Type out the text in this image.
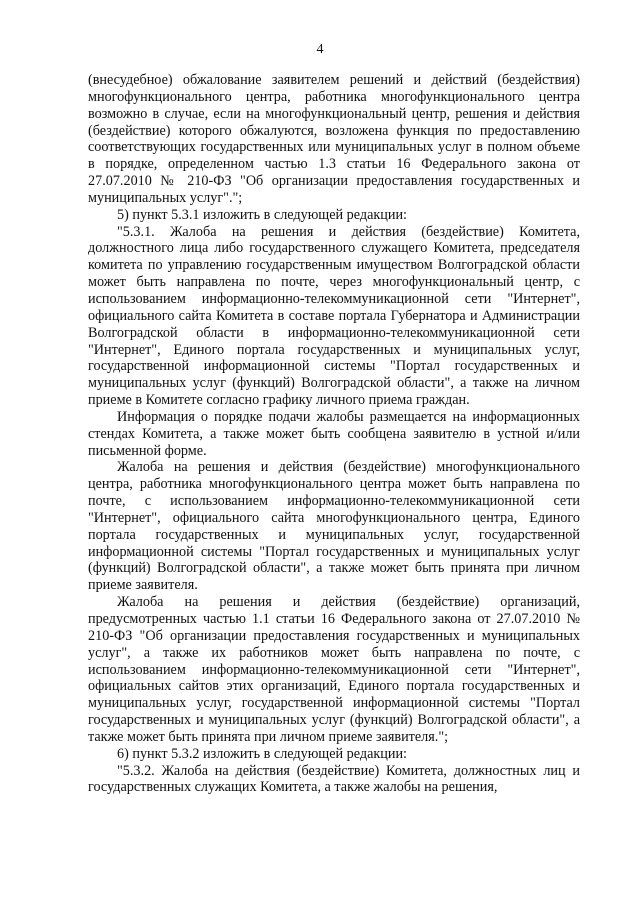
4

(внесудебное) обжалование заявителем решений и действий (бездействия) многофункционального центра, работника многофункционального центра возможно в случае, если на многофункциональный центр, решения и действия (бездействие) которого обжалуются, возложена функция по предоставлению соответствующих государственных или муниципальных услуг в полном объеме в порядке, определенном частью 1.3 статьи 16 Федерального закона от 27.07.2010 № 210-ФЗ "Об организации предоставления государственных и муниципальных услуг".";

5) пункт 5.3.1 изложить в следующей редакции:

"5.3.1. Жалоба на решения и действия (бездействие) Комитета, должностного лица либо государственного служащего Комитета, председателя комитета по управлению государственным имуществом Волгоградской области может быть направлена по почте, через многофункциональный центр, с использованием информационно-телекоммуникационной сети "Интернет", официального сайта Комитета в составе портала Губернатора и Администрации Волгоградской области в информационно-телекоммуникационной сети "Интернет", Единого портала государственных и муниципальных услуг, государственной информационной системы "Портал государственных и муниципальных услуг (функций) Волгоградской области", а также на личном приеме в Комитете согласно графику личного приема граждан.

Информация о порядке подачи жалобы размещается на информационных стендах Комитета, а также может быть сообщена заявителю в устной и/или письменной форме.

Жалоба на решения и действия (бездействие) многофункционального центра, работника многофункционального центра может быть направлена по почте, с использованием информационно-телекоммуникационной сети "Интернет", официального сайта многофункционального центра, Единого портала государственных и муниципальных услуг, государственной информационной системы "Портал государственных и муниципальных услуг (функций) Волгоградской области", а также может быть принята при личном приеме заявителя.

Жалоба на решения и действия (бездействие) организаций, предусмотренных частью 1.1 статьи 16 Федерального закона от 27.07.2010 № 210-ФЗ "Об организации предоставления государственных и муниципальных услуг", а также их работников может быть направлена по почте, с использованием информационно-телекоммуникационной сети "Интернет", официальных сайтов этих организаций, Единого портала государственных и муниципальных услуг, государственной информационной системы "Портал государственных и муниципальных услуг (функций) Волгоградской области", а также может быть принята при личном приеме заявителя.";

6) пункт 5.3.2 изложить в следующей редакции:

"5.3.2. Жалоба на действия (бездействие) Комитета, должностных лиц и государственных служащих Комитета, а также жалобы на решения,
